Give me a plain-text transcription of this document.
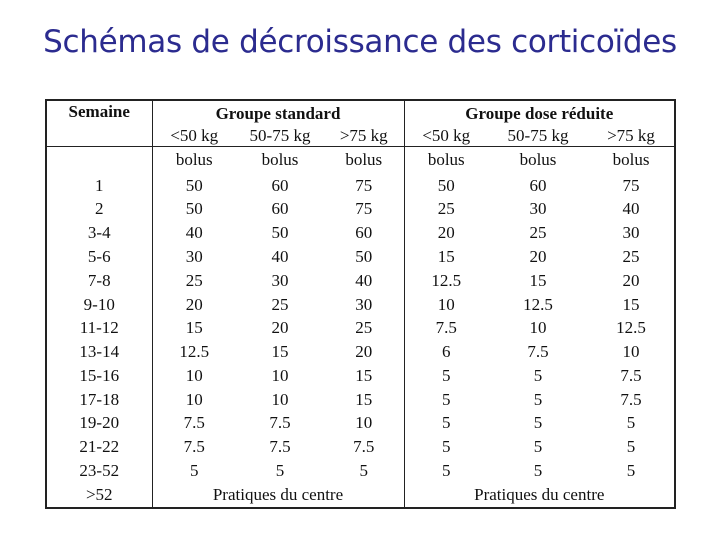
Schémas de décroissance des corticoïdes
Semaine	Groupe standard			Groupe dose réduite		
	<50 kg	50-75 kg	>75 kg	<50 kg	50-75 kg	>75 kg
	bolus	bolus	bolus	bolus	bolus	bolus
1	50	60	75	50	60	75
2	50	60	75	25	30	40
3-4	40	50	60	20	25	30
5-6	30	40	50	15	20	25
7-8	25	30	40	12.5	15	20
9-10	20	25	30	10	12.5	15
11-12	15	20	25	7.5	10	12.5
13-14	12.5	15	20	6	7.5	10
15-16	10	10	15	5	5	7.5
17-18	10	10	15	5	5	7.5
19-20	7.5	7.5	10	5	5	5
21-22	7.5	7.5	7.5	5	5	5
23-52	5	5	5	5	5	5
>52	Pratiques du centre			Pratiques du centre		
